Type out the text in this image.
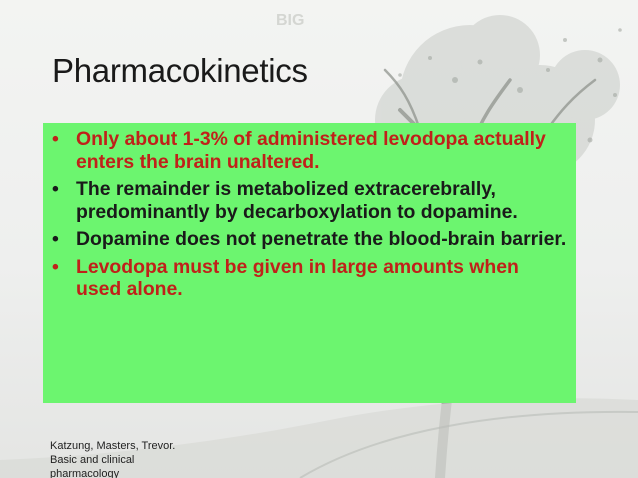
BIG
Pharmacokinetics
• Only about 1-3% of administered levodopa actually enters the brain unaltered.
• The remainder is metabolized extracerebrally, predominantly by decarboxylation to dopamine.
• Dopamine does not penetrate the blood-brain barrier.
• Levodopa must be given in large amounts when used alone.
Katzung, Masters, Trevor. Basic and clinical pharmacology
